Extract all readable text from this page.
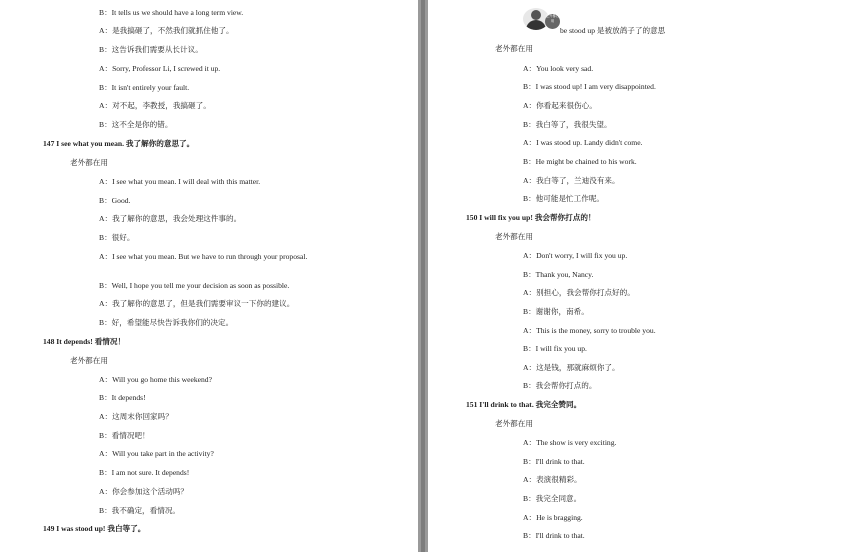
B：It tells us we should have a long term view.
A：是我搞砸了，不然我们就抓住他了。
B：这告诉我们需要从长计议。
A：Sorry, Professor Li, I screwed it up.
B：It isn't entirely your fault.
A：对不起，李教授，我搞砸了。
B：这不全是你的错。
147 I see what you mean. 我了解你的意思了。
老外都在用
A：I see what you mean. I will deal with this matter.
B：Good.
A：我了解你的意思，我会处理这件事的。
B：很好。
A：I see what you mean. But we have to run through your proposal.
B：Well, I hope you tell me your decision as soon as possible.
A：我了解你的意思了，但是我们需要审议一下你的建议。
B：好，希望能尽快告诉我你们的决定。
148 It depends! 看情况！
老外都在用
A：Will you go home this weekend?
B：It depends!
A：这周末你回家吗？
B：看情况吧！
A：Will you take part in the activity?
B：I am not sure. It depends!
A：你会参加这个活动吗？
B：我不确定，看情况。
149 I was stood up! 我白等了。
老外都在用
be stood up 是被放鸽子了的意思
老外都在用
A：You look very sad.
B：I was stood up! I am very disappointed.
A：你看起来很伤心。
B：我白等了，我很失望。
A：I was stood up. Landy didn't come.
B：He might be chained to his work.
A：我白等了，兰迪没有来。
B：他可能是忙工作呢。
150 I will fix you up! 我会帮你打点的！
老外都在用
A：Don't worry, I will fix you up.
B：Thank you, Nancy.
A：别担心，我会帮你打点好的。
B：谢谢你，南希。
A：This is the money, sorry to trouble you.
B：I will fix you up.
A：这是钱，那就麻烦你了。
B：我会帮你打点的。
151 I'll drink to that. 我完全赞同。
老外都在用
A：The show is very exciting.
B：I'll drink to that.
A：表演很精彩。
B：我完全同意。
A：He is bragging.
B：I'll drink to that.
